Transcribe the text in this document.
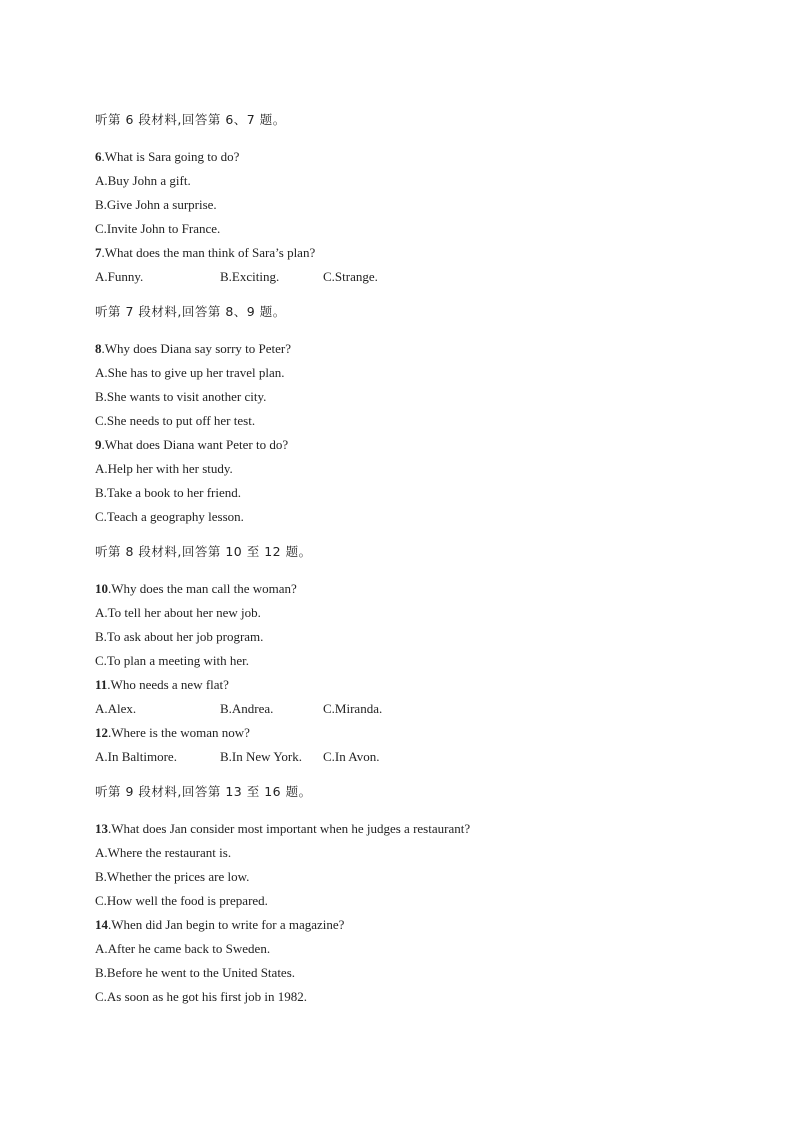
听第 6 段材料,回答第 6、7 题。
6.What is Sara going to do?
A.Buy John a gift.
B.Give John a surprise.
C.Invite John to France.
7.What does the man think of Sara’s plan?
A.Funny.	B.Exciting.	C.Strange.
听第 7 段材料,回答第 8、9 题。
8.Why does Diana say sorry to Peter?
A.She has to give up her travel plan.
B.She wants to visit another city.
C.She needs to put off her test.
9.What does Diana want Peter to do?
A.Help her with her study.
B.Take a book to her friend.
C.Teach a geography lesson.
听第 8 段材料,回答第 10 至 12 题。
10.Why does the man call the woman?
A.To tell her about her new job.
B.To ask about her job program.
C.To plan a meeting with her.
11.Who needs a new flat?
A.Alex.	B.Andrea.	C.Miranda.
12.Where is the woman now?
A.In Baltimore.	B.In New York. C.In Avon.
听第 9 段材料,回答第 13 至 16 题。
13.What does Jan consider most important when he judges a restaurant?
A.Where the restaurant is.
B.Whether the prices are low.
C.How well the food is prepared.
14.When did Jan begin to write for a magazine?
A.After he came back to Sweden.
B.Before he went to the United States.
C.As soon as he got his first job in 1982.
